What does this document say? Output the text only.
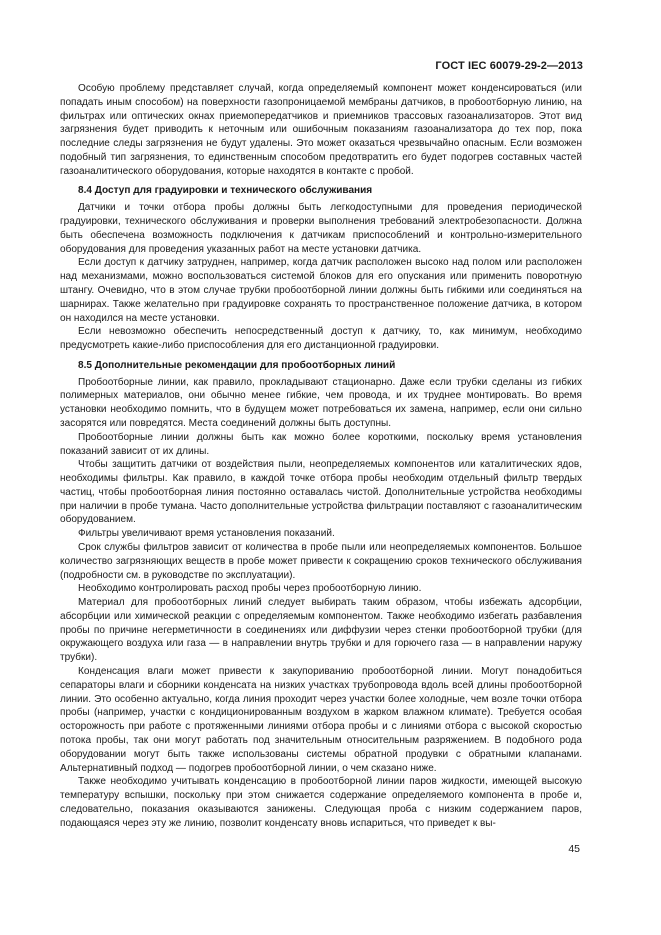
ГОСТ IEC 60079-29-2—2013

Особую проблему представляет случай, когда определяемый компонент может конденсироваться (или попадать иным способом) на поверхности газопроницаемой мембраны датчиков, в пробоотборную линию, на фильтрах или оптических окнах приемопередатчиков и приемников трассовых газоанализаторов. Этот вид загрязнения будет приводить к неточным или ошибочным показаниям газоанализатора до тех пор, пока последние следы загрязнения не будут удалены. Это может оказаться чрезвычайно опасным. Если возможен подобный тип загрязнения, то единственным способом предотвратить его будет подогрев составных частей газоаналитического оборудования, которые находятся в контакте с пробой.

8.4 Доступ для градуировки и технического обслуживания

Датчики и точки отбора пробы должны быть легкодоступными для проведения периодической градуировки, технического обслуживания и проверки выполнения требований электробезопасности. Должна быть обеспечена возможность подключения к датчикам приспособлений и контрольно-измерительного оборудования для проведения указанных работ на месте установки датчика.

Если доступ к датчику затруднен, например, когда датчик расположен высоко над полом или расположен над механизмами, можно воспользоваться системой блоков для его опускания или применить поворотную штангу. Очевидно, что в этом случае трубки пробоотборной линии должны быть гибкими или соединяться на шарнирах. Также желательно при градуировке сохранять то пространственное положение датчика, в котором он находился на месте установки.

Если невозможно обеспечить непосредственный доступ к датчику, то, как минимум, необходимо предусмотреть какие-либо приспособления для его дистанционной градуировки.

8.5 Дополнительные рекомендации для пробоотборных линий

Пробоотборные линии, как правило, прокладывают стационарно. Даже если трубки сделаны из гибких полимерных материалов, они обычно менее гибкие, чем провода, и их труднее монтировать. Во время установки необходимо помнить, что в будущем может потребоваться их замена, например, если они сильно засорятся или повредятся. Места соединений должны быть доступны.

Пробоотборные линии должны быть как можно более короткими, поскольку время установления показаний зависит от их длины.

Чтобы защитить датчики от воздействия пыли, неопределяемых компонентов или каталитических ядов, необходимы фильтры. Как правило, в каждой точке отбора пробы необходим отдельный фильтр твердых частиц, чтобы пробоотборная линия постоянно оставалась чистой. Дополнительные устройства необходимы при наличии в пробе тумана. Часто дополнительные устройства фильтрации поставляют с газоаналитическим оборудованием.

Фильтры увеличивают время установления показаний.

Срок службы фильтров зависит от количества в пробе пыли или неопределяемых компонентов. Большое количество загрязняющих веществ в пробе может привести к сокращению сроков технического обслуживания (подробности см. в руководстве по эксплуатации).

Необходимо контролировать расход пробы через пробоотборную линию.

Материал для пробоотборных линий следует выбирать таким образом, чтобы избежать адсорбции, абсорбции или химической реакции с определяемым компонентом. Также необходимо избегать разбавления пробы по причине негерметичности в соединениях или диффузии через стенки пробоотборной трубки (для окружающего воздуха или газа — в направлении внутрь трубки и для горючего газа — в направлении наружу трубки).

Конденсация влаги может привести к закупориванию пробоотборной линии. Могут понадобиться сепараторы влаги и сборники конденсата на низких участках трубопровода вдоль всей длины пробоотборной линии. Это особенно актуально, когда линия проходит через участки более холодные, чем возле точки отбора пробы (например, участки с кондиционированным воздухом в жарком влажном климате). Требуется особая осторожность при работе с протяженными линиями отбора пробы и с линиями отбора с высокой скоростью потока пробы, так они могут работать под значительным относительным разряжением. В подобного рода оборудовании могут быть также использованы системы обратной продувки с обратными клапанами. Альтернативный подход — подогрев пробоотборной линии, о чем сказано ниже.

Также необходимо учитывать конденсацию в пробоотборной линии паров жидкости, имеющей высокую температуру вспышки, поскольку при этом снижается содержание определяемого компонента в пробе и, следовательно, показания оказываются занижены. Следующая проба с низким содержанием паров, подающаяся через эту же линию, позволит конденсату вновь испариться, что приведет к вы-

45
